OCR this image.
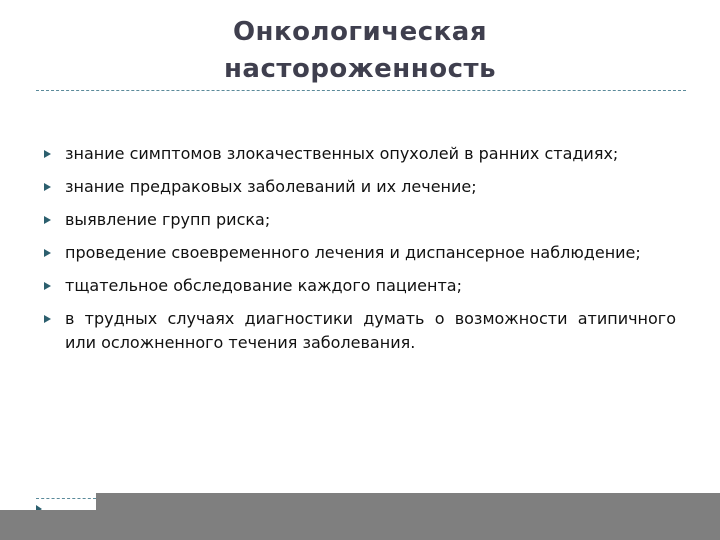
Онкологическая
настороженность
знание симптомов злокачественных опухолей в ранних стадиях;
знание предраковых заболеваний и их лечение;
выявление групп риска;
проведение своевременного лечения и диспансерное наблюдение;
тщательное обследование каждого пациента;
в трудных случаях диагностики думать о возможности атипичного или осложненного течения заболевания.
